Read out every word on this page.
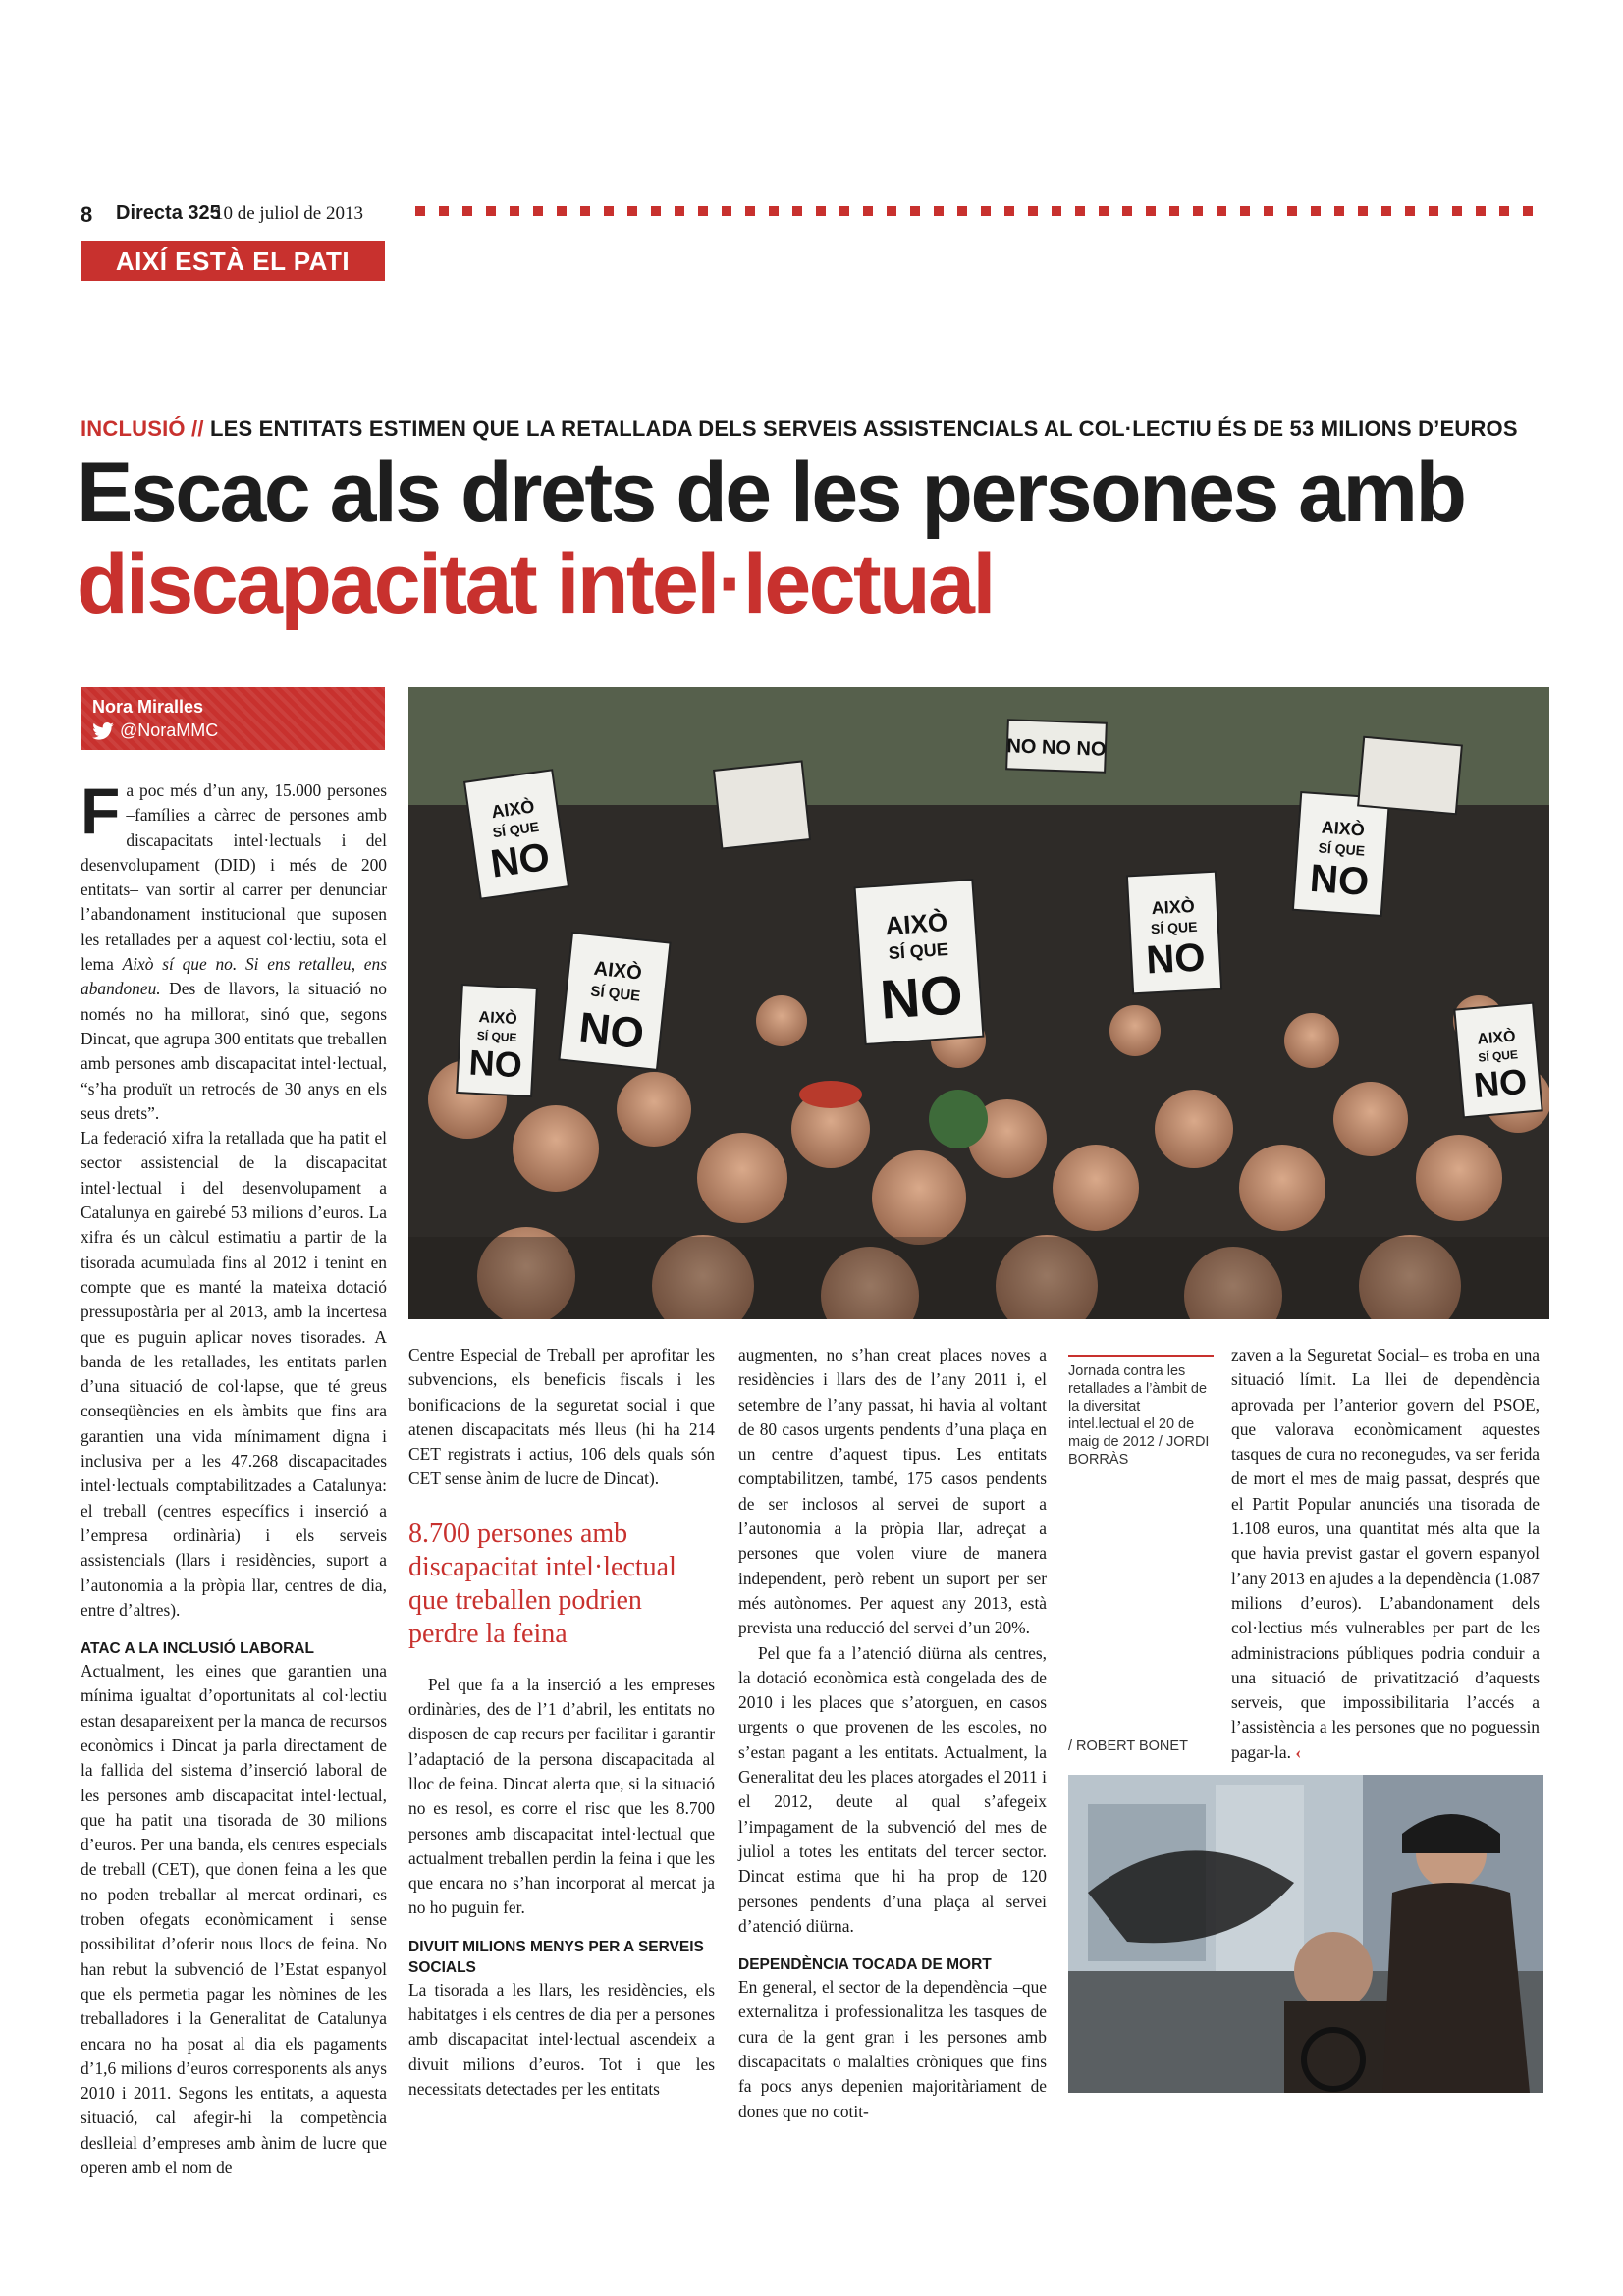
8 Directa 325
10 de juliol de 2013
AIXÍ ESTÀ EL PATI
INCLUSIÓ // LES ENTITATS ESTIMEN QUE LA RETALLADA DELS SERVEIS ASSISTENCIALS AL COL·LECTIU ÉS DE 53 MILIONS D’EUROS
Escac als drets de les persones amb discapacitat intel·lectual
Nora Miralles
@NoraMMC
AIXÒ
SÍ QUE
NO
AIXÒ
SÍ QUE
NO
AIXÒ
SÍ QUE
NO
AIXÒ
SÍ QUE
NO
AIXÒ
SÍ QUE
NO
AIXÒ
SÍ QUE
NO
AIXÒ
SÍ QUE
NO
NO NO NO

Fa poc més d’un any, 15.000 persones –famílies a càrrec de persones amb discapacitats intel·lectuals i del desenvolupament (DID) i més de 200 entitats– van sortir al carrer per denunciar l’abandonament institucional que suposen les retallades per a aquest col·lectiu, sota el lema Això sí que no. Si ens retalleu, ens abandoneu. Des de llavors, la situació no només no ha millorat, sinó que, segons Dincat, que agrupa 300 entitats que treballen amb persones amb discapacitat intel·lectual, “s’ha produït un retrocés de 30 anys en els seus drets”.

La federació xifra la retallada que ha patit el sector assistencial de la discapacitat intel·lectual i del desenvolupament a Catalunya en gairebé 53 milions d’euros. La xifra és un càlcul estimatiu a partir de la tisorada acumulada fins al 2012 i tenint en compte que es manté la mateixa dotació pressupostària per al 2013, amb la incertesa que es puguin aplicar noves tisorades. A banda de les retallades, les entitats parlen d’una situació de col·lapse, que té greus conseqüències en els àmbits que fins ara garantien una vida mínimament digna i inclusiva per a les 47.268 discapacitades intel·lectuals comptabilitzades a Catalunya: el treball (centres específics i inserció a l’empresa ordinària) i els serveis assistencials (llars i residències, suport a l’autonomia a la pròpia llar, centres de dia, entre d’altres).

ATAC A LA INCLUSIÓ LABORAL

Actualment, les eines que garantien una mínima igualtat d’oportunitats al col·lectiu estan desapareixent per la manca de recursos econòmics i Dincat ja parla directament de la fallida del sistema d’inserció laboral de les persones amb discapacitat intel·lectual, que ha patit una tisorada de 30 milions d’euros. Per una banda, els centres especials de treball (CET), que donen feina a les que no poden treballar al mercat ordinari, es troben ofegats econòmicament i sense possibilitat d’oferir nous llocs de feina. No han rebut la subvenció de l’Estat espanyol que els permetia pagar les nòmines de les treballadores i la Generalitat de Catalunya encara no ha posat al dia els pagaments d’1,6 milions d’euros corresponents als anys 2010 i 2011. Segons les entitats, a aquesta situació, cal afegir-hi la competència deslleial d’empreses amb ànim de lucre que operen amb el nom de

Centre Especial de Treball per aprofitar les subvencions, els beneficis fiscals i les bonificacions de la seguretat social i que atenen discapacitats més lleus (hi ha 214 CET registrats i actius, 106 dels quals són CET sense ànim de lucre de Dincat).

8.700 persones amb discapacitat intel·lectual que treballen podrien perdre la feina

Pel que fa a la inserció a les empreses ordinàries, des de l’1 d’abril, les entitats no disposen de cap recurs per facilitar i garantir l’adaptació de la persona discapacitada al lloc de feina. Dincat alerta que, si la situació no es resol, es corre el risc que les 8.700 persones amb discapacitat intel·lectual que actualment treballen perdin la feina i que les que encara no s’han incorporat al mercat ja no ho puguin fer.

DIVUIT MILIONS MENYS PER A SERVEIS SOCIALS

La tisorada a les llars, les residències, els habitatges i els centres de dia per a persones amb discapacitat intel·lectual ascendeix a divuit milions d’euros. Tot i que les necessitats detectades per les entitats

augmenten, no s’han creat places noves a residències i llars des de l’any 2011 i, el setembre de l’any passat, hi havia al voltant de 80 casos urgents pendents d’una plaça en un centre d’aquest tipus. Les entitats comptabilitzen, també, 175 casos pendents de ser inclosos al servei de suport a l’autonomia a la pròpia llar, adreçat a persones que volen viure de manera independent, però rebent un suport per ser més autònomes. Per aquest any 2013, està prevista una reducció del servei d’un 20%.

Pel que fa a l’atenció diürna als centres, la dotació econòmica està congelada des de 2010 i les places que s’atorguen, en casos urgents o que provenen de les escoles, no s’estan pagant a les entitats. Actualment, la Generalitat deu les places atorgades el 2011 i el 2012, deute al qual s’afegeix l’impagament de la subvenció del mes de juliol a totes les entitats del tercer sector. Dincat estima que hi ha prop de 120 persones pendents d’una plaça al servei d’atenció diürna.

DEPENDÈNCIA TOCADA DE MORT

En general, el sector de la dependència –que externalitza i professionalitza les tasques de cura de la gent gran i les persones amb discapacitats o malalties cròniques que fins fa pocs anys depenien majoritàriament de dones que no cotit-

Jornada contra les retallades a l’àmbit de la diversitat intel.lectual el 20 de maig de 2012 / JORDI BORRÀS
/ ROBERT BONET

zaven a la Seguretat Social– es troba en una situació límit. La llei de dependència aprovada per l’anterior govern del PSOE, que valorava econòmicament aquestes tasques de cura no reconegudes, va ser ferida de mort el mes de maig passat, després que el Partit Popular anunciés una tisorada de 1.108 euros, una quantitat més alta que la que havia previst gastar el govern espanyol l’any 2013 en ajudes a la dependència (1.087 milions d’euros). L’abandonament dels col·lectius més vulnerables per part de les administracions públiques podria conduir a una situació de privatització d’aquests serveis, que impossibilitaria l’accés a l’assistència a les persones que no poguessin pagar-la. ‹
